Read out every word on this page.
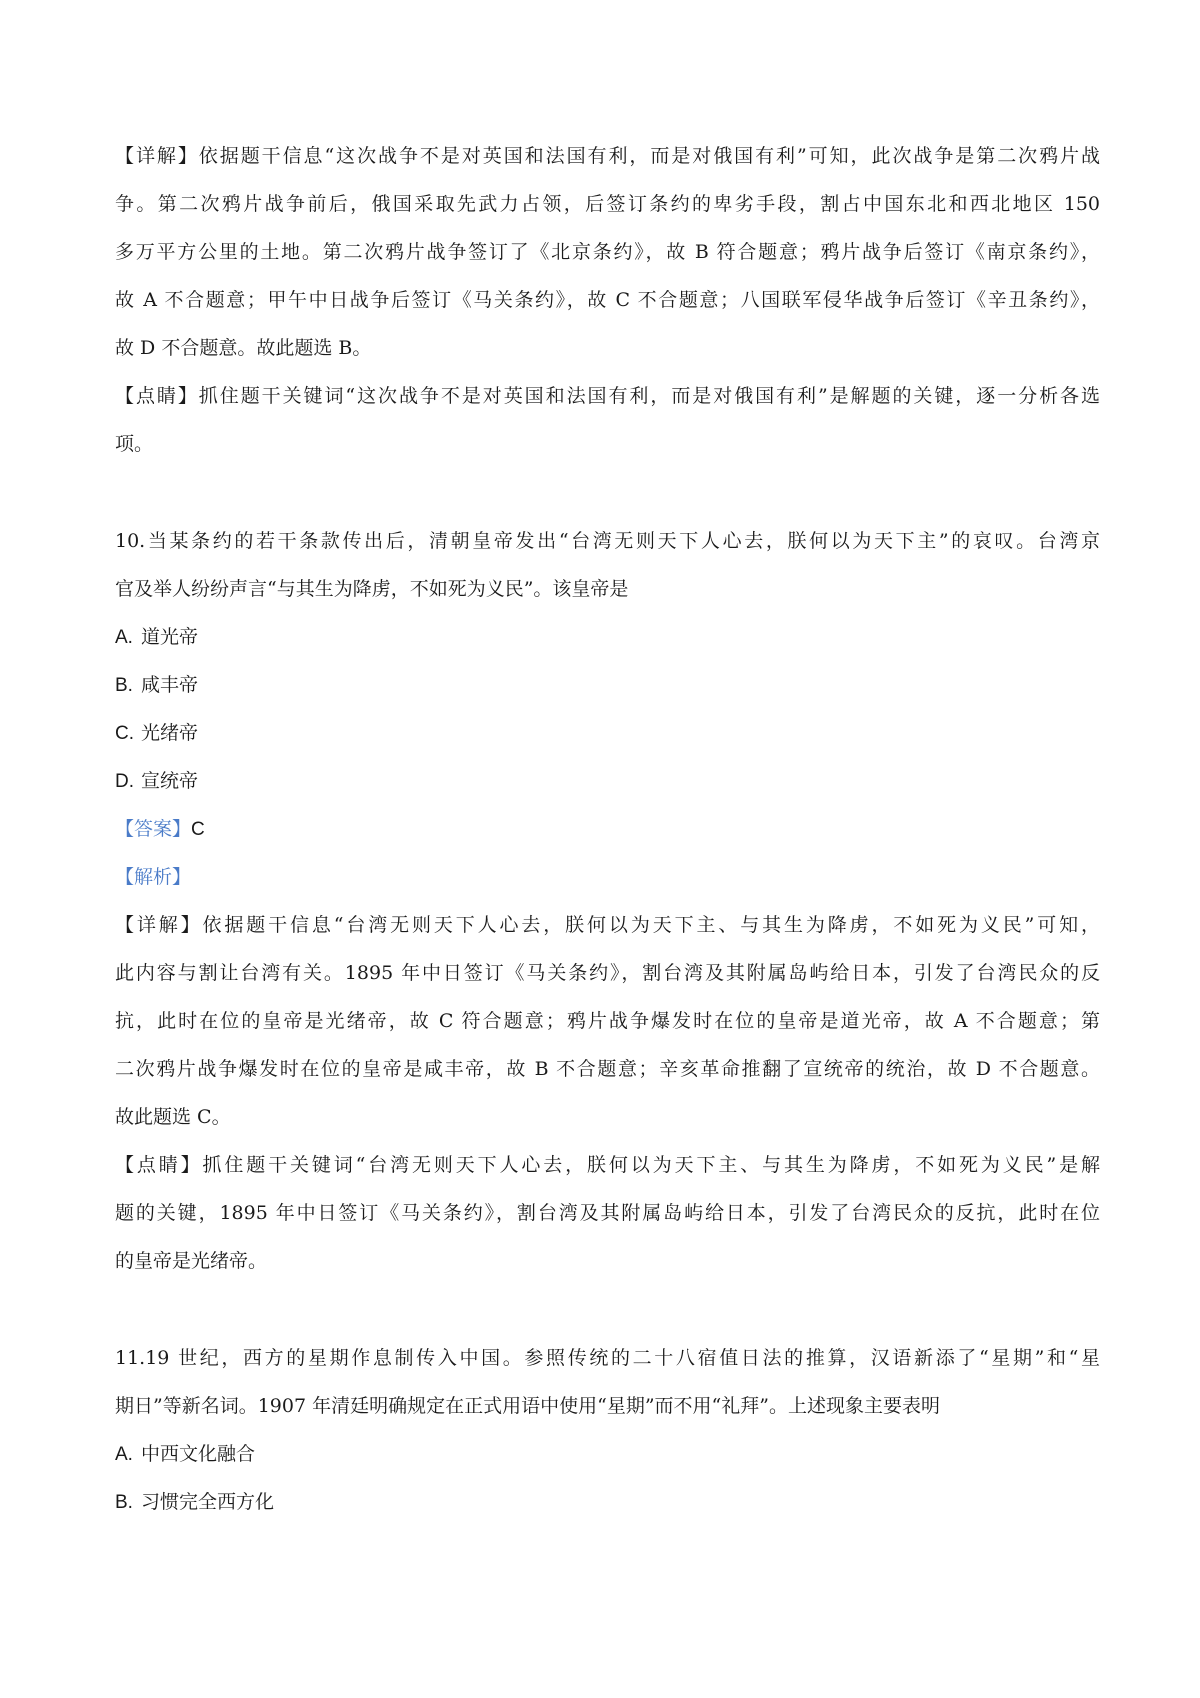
【详解】依据题干信息“这次战争不是对英国和法国有利，而是对俄国有利”可知，此次战争是第二次鸦片战
争。第二次鸦片战争前后，俄国采取先武力占领，后签订条约的卑劣手段，割占中国东北和西北地区 150
多万平方公里的土地。第二次鸦片战争签订了《北京条约》，故 B 符合题意；鸦片战争后签订《南京条约》，
故 A 不合题意；甲午中日战争后签订《马关条约》，故 C 不合题意；八国联军侵华战争后签订《辛丑条约》，
故 D 不合题意。故此题选 B。
【点睛】抓住题干关键词“这次战争不是对英国和法国有利，而是对俄国有利”是解题的关键，逐一分析各选
项。
10.当某条约的若干条款传出后，清朝皇帝发出“台湾无则天下人心去，朕何以为天下主”的哀叹。台湾京
官及举人纷纷声言“与其生为降虏，不如死为义民”。该皇帝是
A. 道光帝
B. 咸丰帝
C. 光绪帝
D. 宣统帝
【答案】C
【解析】
【详解】依据题干信息“台湾无则天下人心去，朕何以为天下主、与其生为降虏，不如死为义民”可知，
此内容与割让台湾有关。1895 年中日签订《马关条约》，割台湾及其附属岛屿给日本，引发了台湾民众的反
抗，此时在位的皇帝是光绪帝，故 C 符合题意；鸦片战争爆发时在位的皇帝是道光帝，故 A 不合题意；第
二次鸦片战争爆发时在位的皇帝是咸丰帝，故 B 不合题意；辛亥革命推翻了宣统帝的统治，故 D 不合题意。
故此题选 C。
【点睛】抓住题干关键词“台湾无则天下人心去，朕何以为天下主、与其生为降虏，不如死为义民”是解
题的关键，1895 年中日签订《马关条约》，割台湾及其附属岛屿给日本，引发了台湾民众的反抗，此时在位
的皇帝是光绪帝。
11.19 世纪，西方的星期作息制传入中国。参照传统的二十八宿值日法的推算，汉语新添了“星期”和“星
期日”等新名词。1907 年清廷明确规定在正式用语中使用“星期”而不用“礼拜”。上述现象主要表明
A. 中西文化融合
B. 习惯完全西方化
